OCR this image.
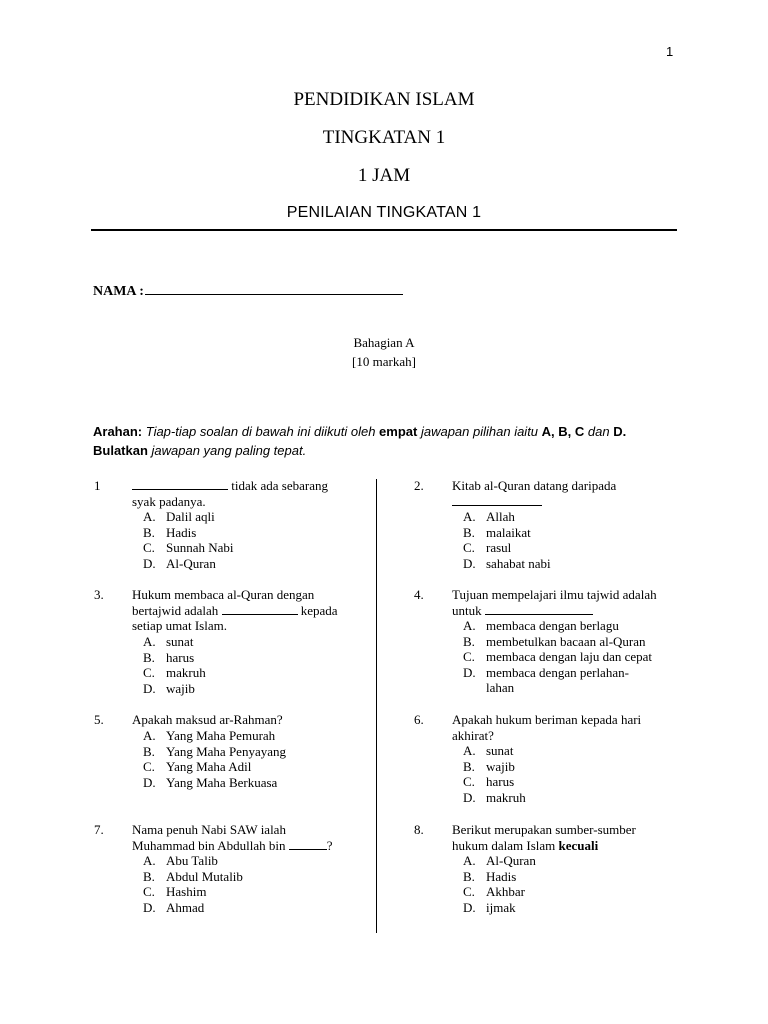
1
PENDIDIKAN ISLAM
TINGKATAN 1
1 JAM
PENILAIAN TINGKATAN 1
NAMA :
Bahagian A
[10 markah]
Arahan: Tiap-tiap soalan di bawah ini diikuti oleh empat jawapan pilihan iaitu A, B, C dan D.
Bulatkan jawapan yang paling tepat.
1	tidak ada sebarang
syak padanya.
A. Dalil aqli
B. Hadis
C. Sunnah Nabi
D. Al-Quran
2. Kitab al-Quran datang daripada
A. Allah
B. malaikat
C. rasul
D. sahabat nabi
3. Hukum membaca al-Quran dengan
bertajwid adalah	kepada
setiap umat Islam.
A. sunat
B. harus
C. makruh
D. wajib
4. Tujuan mempelajari ilmu tajwid adalah
untuk
A. membaca dengan berlagu
B. membetulkan bacaan al-Quran
C. membaca dengan laju dan cepat
D. membaca dengan perlahan-
lahan
5. Apakah maksud ar-Rahman?
A. Yang Maha Pemurah
B. Yang Maha Penyayang
C. Yang Maha Adil
D. Yang Maha Berkuasa
6. Apakah hukum beriman kepada hari
akhirat?
A. sunat
B. wajib
C. harus
D. makruh
7. Nama penuh Nabi SAW ialah
Muhammad bin Abdullah bin	?
A. Abu Talib
B. Abdul Mutalib
C. Hashim
D. Ahmad
8. Berikut merupakan sumber-sumber
hukum dalam Islam kecuali
A. Al-Quran
B. Hadis
C. Akhbar
D. ijmak
